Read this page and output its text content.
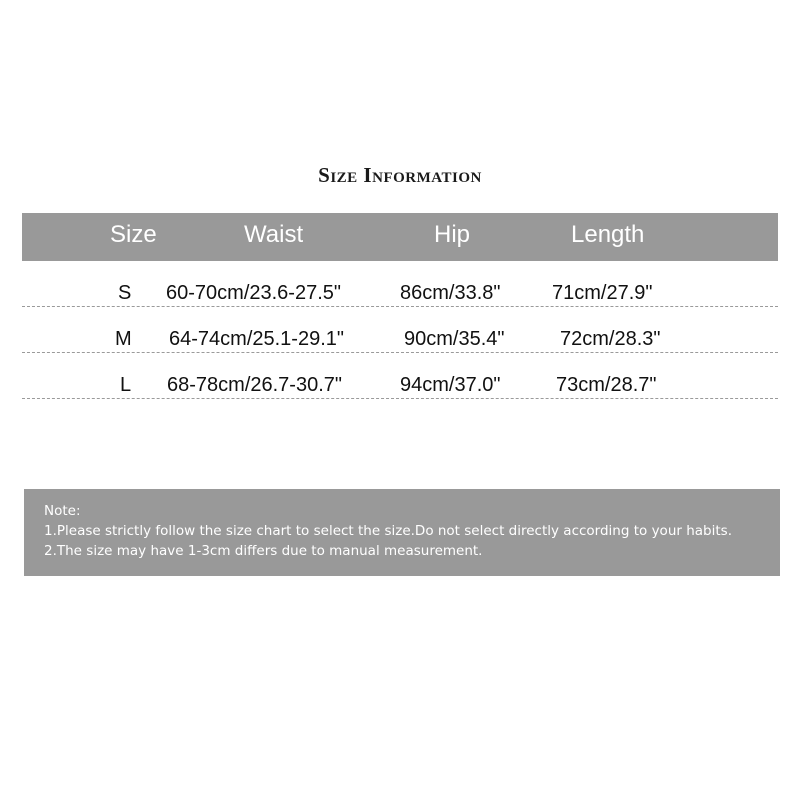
Size Information
Size	Waist	Hip	Length
S 60-70cm/23.6-27.5"	86cm/33.8"	71cm/27.9"
M 64-74cm/25.1-29.1"	90cm/35.4"	72cm/28.3"
L 68-78cm/26.7-30.7"	94cm/37.0"	73cm/28.7"
Note:
1.Please strictly follow the size chart to select the size.Do not select directly according to your habits.
2.The size may have 1-3cm differs due to manual measurement.
